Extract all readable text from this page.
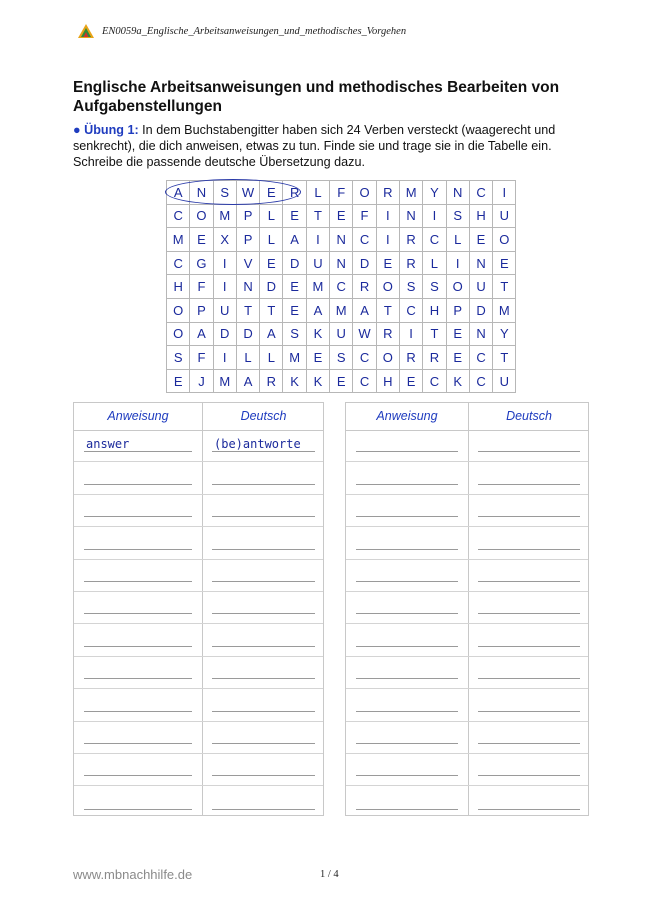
EN0059a_Englische_Arbeitsanweisungen_und_methodisches_Vorgehen
Englische Arbeitsanweisungen und methodisches Bearbeiten von Aufgabenstellungen
● Übung 1: In dem Buchstabengitter haben sich 24 Verben versteckt (waagerecht und senkrecht), die dich anweisen, etwas zu tun. Finde sie und trage sie in die Tabelle ein. Schreibe die passende deutsche Übersetzung dazu.
A	N	S	W	E	R	L	F	O	R	M	Y	N	C	I
C	O	M	P	L	E	T	E	F	I	N	I	S	H	U
M	E	X	P	L	A	I	N	C	I	R	C	L	E	O
C	G	I	V	E	D	U	N	D	E	R	L	I	N	E
H	F	I	N	D	E	M	C	R	O	S	S	O	U	T
O	P	U	T	T	E	A	M	A	T	C	H	P	D	M
O	A	D	D	A	S	K	U	W	R	I	T	E	N	Y
S	F	I	L	L	M	E	S	C	O	R	R	E	C	T
E	J	M	A	R	K	K	E	C	H	E	C	K	C	U
Anweisung	Deutsch
answer	(be)antworte
Anweisung	Deutsch
www.mbnachhilfe.de	1 / 4
